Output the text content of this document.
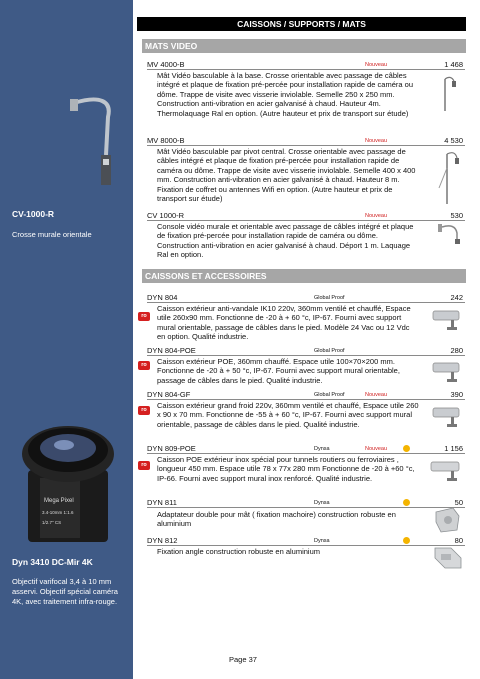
CV-1000-R
Crosse murale orientale
Mega Pixel
3.4-10mm 1:1.6
1/2.7" CS
Dyn 3410 DC-Mir 4K
Objectif varifocal 3,4 à 10 mm asservi. Objectif spécial caméra 4K, avec traitement infra-rouge.
CAISSONS / SUPPORTS / MATS
MATS VIDEO
MV 4000-B	Nouveau	1 468
Mât Vidéo basculable à la base. Crosse orientable avec passage de câbles intégré et plaque de fixation pré-percée pour installation rapide de caméra ou dôme. Trappe de visite avec visserie inviolable. Semelle 250 x 250 mm. Construction anti-vibration en acier galvanisé à chaud. Hauteur 4m. Thermolaquage Ral en option. (Autre hauteur et prix de transport sur étude)
MV 8000-B	Nouveau	4 530
Mât Vidéo basculable par pivot central. Crosse orientable avec passage de câbles intégré et plaque de fixation pré-percée pour installation rapide de caméra ou dôme. Trappe de visite avec visserie inviolable. Semelle 400 x 400 mm. Construction anti-vibration en acier galvanisé à chaud. Hauteur 8 m. Fixation de coffret ou antennes Wifi en option. (Autre hauteur et prix de transport sur étude)
CV 1000-R	Nouveau	530
Console vidéo murale et orientable avec passage de câbles intégré et plaque de fixation pré-percée pour installation rapide de caméra ou dôme. Construction anti-vibration en acier galvanisé à chaud. Déport 1 m. Laquage Ral en option.
CAISSONS ET ACCESSOIRES
DYN 804	Global Proof	242
ro
Caisson extérieur anti-vandale IK10 220v, 360mm ventilé et chauffé, Espace utile 260x90 mm. Fonctionne de -20 à + 60 °c, IP-67. Fourni avec support mural orientable, passage de câbles dans le pied. Modèle 24 Vac ou 12 Vdc en option. Qualité industrie.
DYN 804-POE	Global Proof	280
ro	Caisson extérieur POE, 360mm chauffé. Espace utile 100×70×200 mm. Fonctionne de -20 à + 50 °c, IP-67. Fourni avec support mural orientable, passage de câbles dans le pied. Qualité industrie.
DYN 804-GF	Global Proof	Nouveau	390
ro	Caisson extérieur grand froid 220v, 360mm ventilé et chauffé, Espace utile 260 x 90 x 70 mm. Fonctionne de -55 à + 60 °c, IP-67. Fourni avec support mural orientable, passage de câbles dans le pied. Qualité industrie.
DYN 809-POE	Dynsa	Nouveau	1 156
ro
Caisson POE extérieur inox spécial pour tunnels routiers ou ferroviaires , longueur 450 mm. Espace utile 78 x 77x 280 mm Fonctionne de -20 à +60 °c, IP-66. Fourni avec support mural inox renforcé. Qualité industrie.
DYN 811	Dynsa	50
Adaptateur double pour mât ( fixation machoire) construction robuste en aluminium
DYN 812	Dynsa	80
Fixation angle construction robuste en aluminium
Page 37
